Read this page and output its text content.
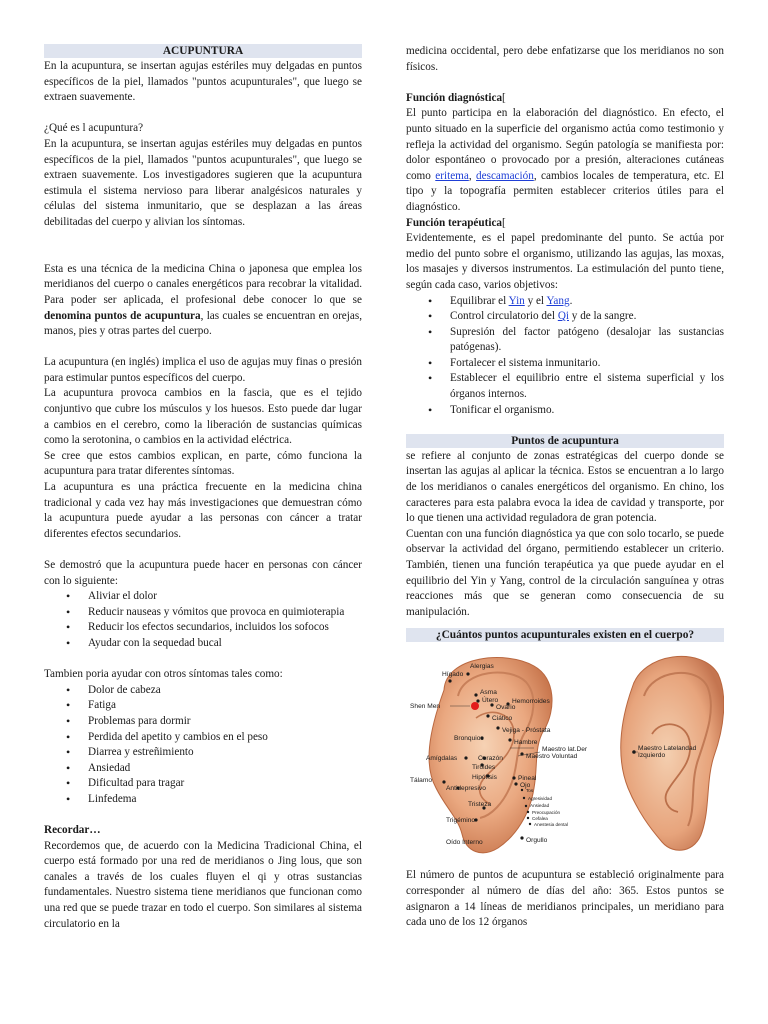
ACUPUNTURA

En la acupuntura, se insertan agujas estériles muy delgadas en puntos específicos de la piel, llamados "puntos acupunturales", que luego se extraen suavemente.

¿Qué es l acupuntura?

En la acupuntura, se insertan agujas estériles muy delgadas en puntos específicos de la piel, llamados "puntos acupunturales", que luego se extraen suavemente. Los investigadores sugieren que la acupuntura estimula el sistema nervioso para liberar analgésicos naturales y células del sistema inmunitario, que se desplazan a las áreas debilitadas del cuerpo y alivian los síntomas.

Esta es una técnica de la medicina China o japonesa que emplea los meridianos del cuerpo o canales energéticos para recobrar la vitalidad. Para poder ser aplicada, el profesional debe conocer lo que se denomina puntos de acupuntura, las cuales se encuentran en orejas, manos, pies y otras partes del cuerpo.

La acupuntura (en inglés) implica el uso de agujas muy finas o presión para estimular puntos específicos del cuerpo.

La acupuntura provoca cambios en la fascia, que es el tejido conjuntivo que cubre los músculos y los huesos. Esto puede dar lugar a cambios en el cerebro, como la liberación de sustancias químicas como la serotonina, o cambios en la actividad eléctrica.

Se cree que estos cambios explican, en parte, cómo funciona la acupuntura para tratar diferentes síntomas.

La acupuntura es una práctica frecuente en la medicina china tradicional y cada vez hay más investigaciones que demuestran cómo la acupuntura puede ayudar a las personas con cáncer a tratar diferentes efectos secundarios.

Se demostró que la acupuntura puede hacer en personas con cáncer con lo siguiente:

• Aliviar el dolor
• Reducir nauseas y vómitos que provoca en quimioterapia
• Reducir los efectos secundarios, incluidos los sofocos
• Ayudar con la sequedad bucal

Tambien poria ayudar con otros síntomas tales como:

• Dolor de cabeza
• Fatiga
• Problemas para dormir
• Perdida del apetito y cambios en el peso
• Diarrea y estreñimiento
• Ansiedad
• Dificultad para tragar
• Linfedema

Recordar…

Recordemos que, de acuerdo con la Medicina Tradicional China, el cuerpo está formado por una red de meridianos o Jing lous, que son canales a través de los cuales fluyen el qi y otras sustancias fundamentales. Nuestro sistema tiene meridianos que funcionan como una red que se puede trazar en todo el cuerpo. Son similares al sistema circulatorio en la

medicina occidental, pero debe enfatizarse que los meridianos no son físicos.

Función diagnóstica[

El punto participa en la elaboración del diagnóstico. En efecto, el punto situado en la superficie del organismo actúa como testimonio y refleja la actividad del organismo. Según patología se manifiesta por: dolor espontáneo o provocado por a presión, alteraciones cutáneas como eritema, descamación, cambios locales de temperatura, etc. El tipo y la topografía permiten establecer criterios útiles para el diagnóstico.

Función terapéutica[

Evidentemente, es el papel predominante del punto. Se actúa por medio del punto sobre el organismo, utilizando las agujas, las moxas, los masajes y diversos instrumentos. La estimulación del punto tiene, según cada caso, varios objetivos:

• Equilibrar el Yin y el Yang.
• Control circulatorio del Qi y de la sangre.
• Supresión del factor patógeno (desalojar las sustancias patógenas).
• Fortalecer el sistema inmunitario.
• Establecer el equilibrio entre el sistema superficial y los órganos internos.
• Tonificar el organismo.
Puntos de acupuntura

se refiere al conjunto de zonas estratégicas del cuerpo donde se insertan las agujas al aplicar la técnica. Estos se encuentran a lo largo de los meridianos o canales energéticos del organismo. En chino, los caracteres para esta palabra evoca la idea de cavidad y transporte, por lo que tienen una actividad reguladora de gran potencia.

Cuentan con una función diagnóstica ya que con solo tocarlo, se puede observar la actividad del órgano, permitiendo establecer un criterio. También, tienen una función terapéutica ya que puede ayudar en el equilibrio del Yin y Yang, control de la circulación sanguínea y otras reacciones más que se generan como consecuencia de su manipulación.

¿Cuántos puntos acupunturales existen en el cuerpo?
Alergias
Hígado
Asma
Útero
Shen Men	Ovario
Hemorroides
Ciático
Vejiga - Próstata
Bronquios
Hambre
Maestro lat.Der
Maestro Voluntad
Amígdalas	Corazón
Tiroides
Tálamo	Hipófisis	Pineal
Ojo
Antidepresivo	Tos
Agresividad
Tristeza	Ansiedad
Preocupación
Trigémino	Cefalea
Anestesia dental
Oído Interno	Orgullo
Maestro Latelandad
Izquierdo

El número de puntos de acupuntura se estableció originalmente para corresponder al número de días del año: 365. Estos puntos se asignaron a 14 líneas de meridianos principales, un meridiano para cada uno de los 12 órganos
